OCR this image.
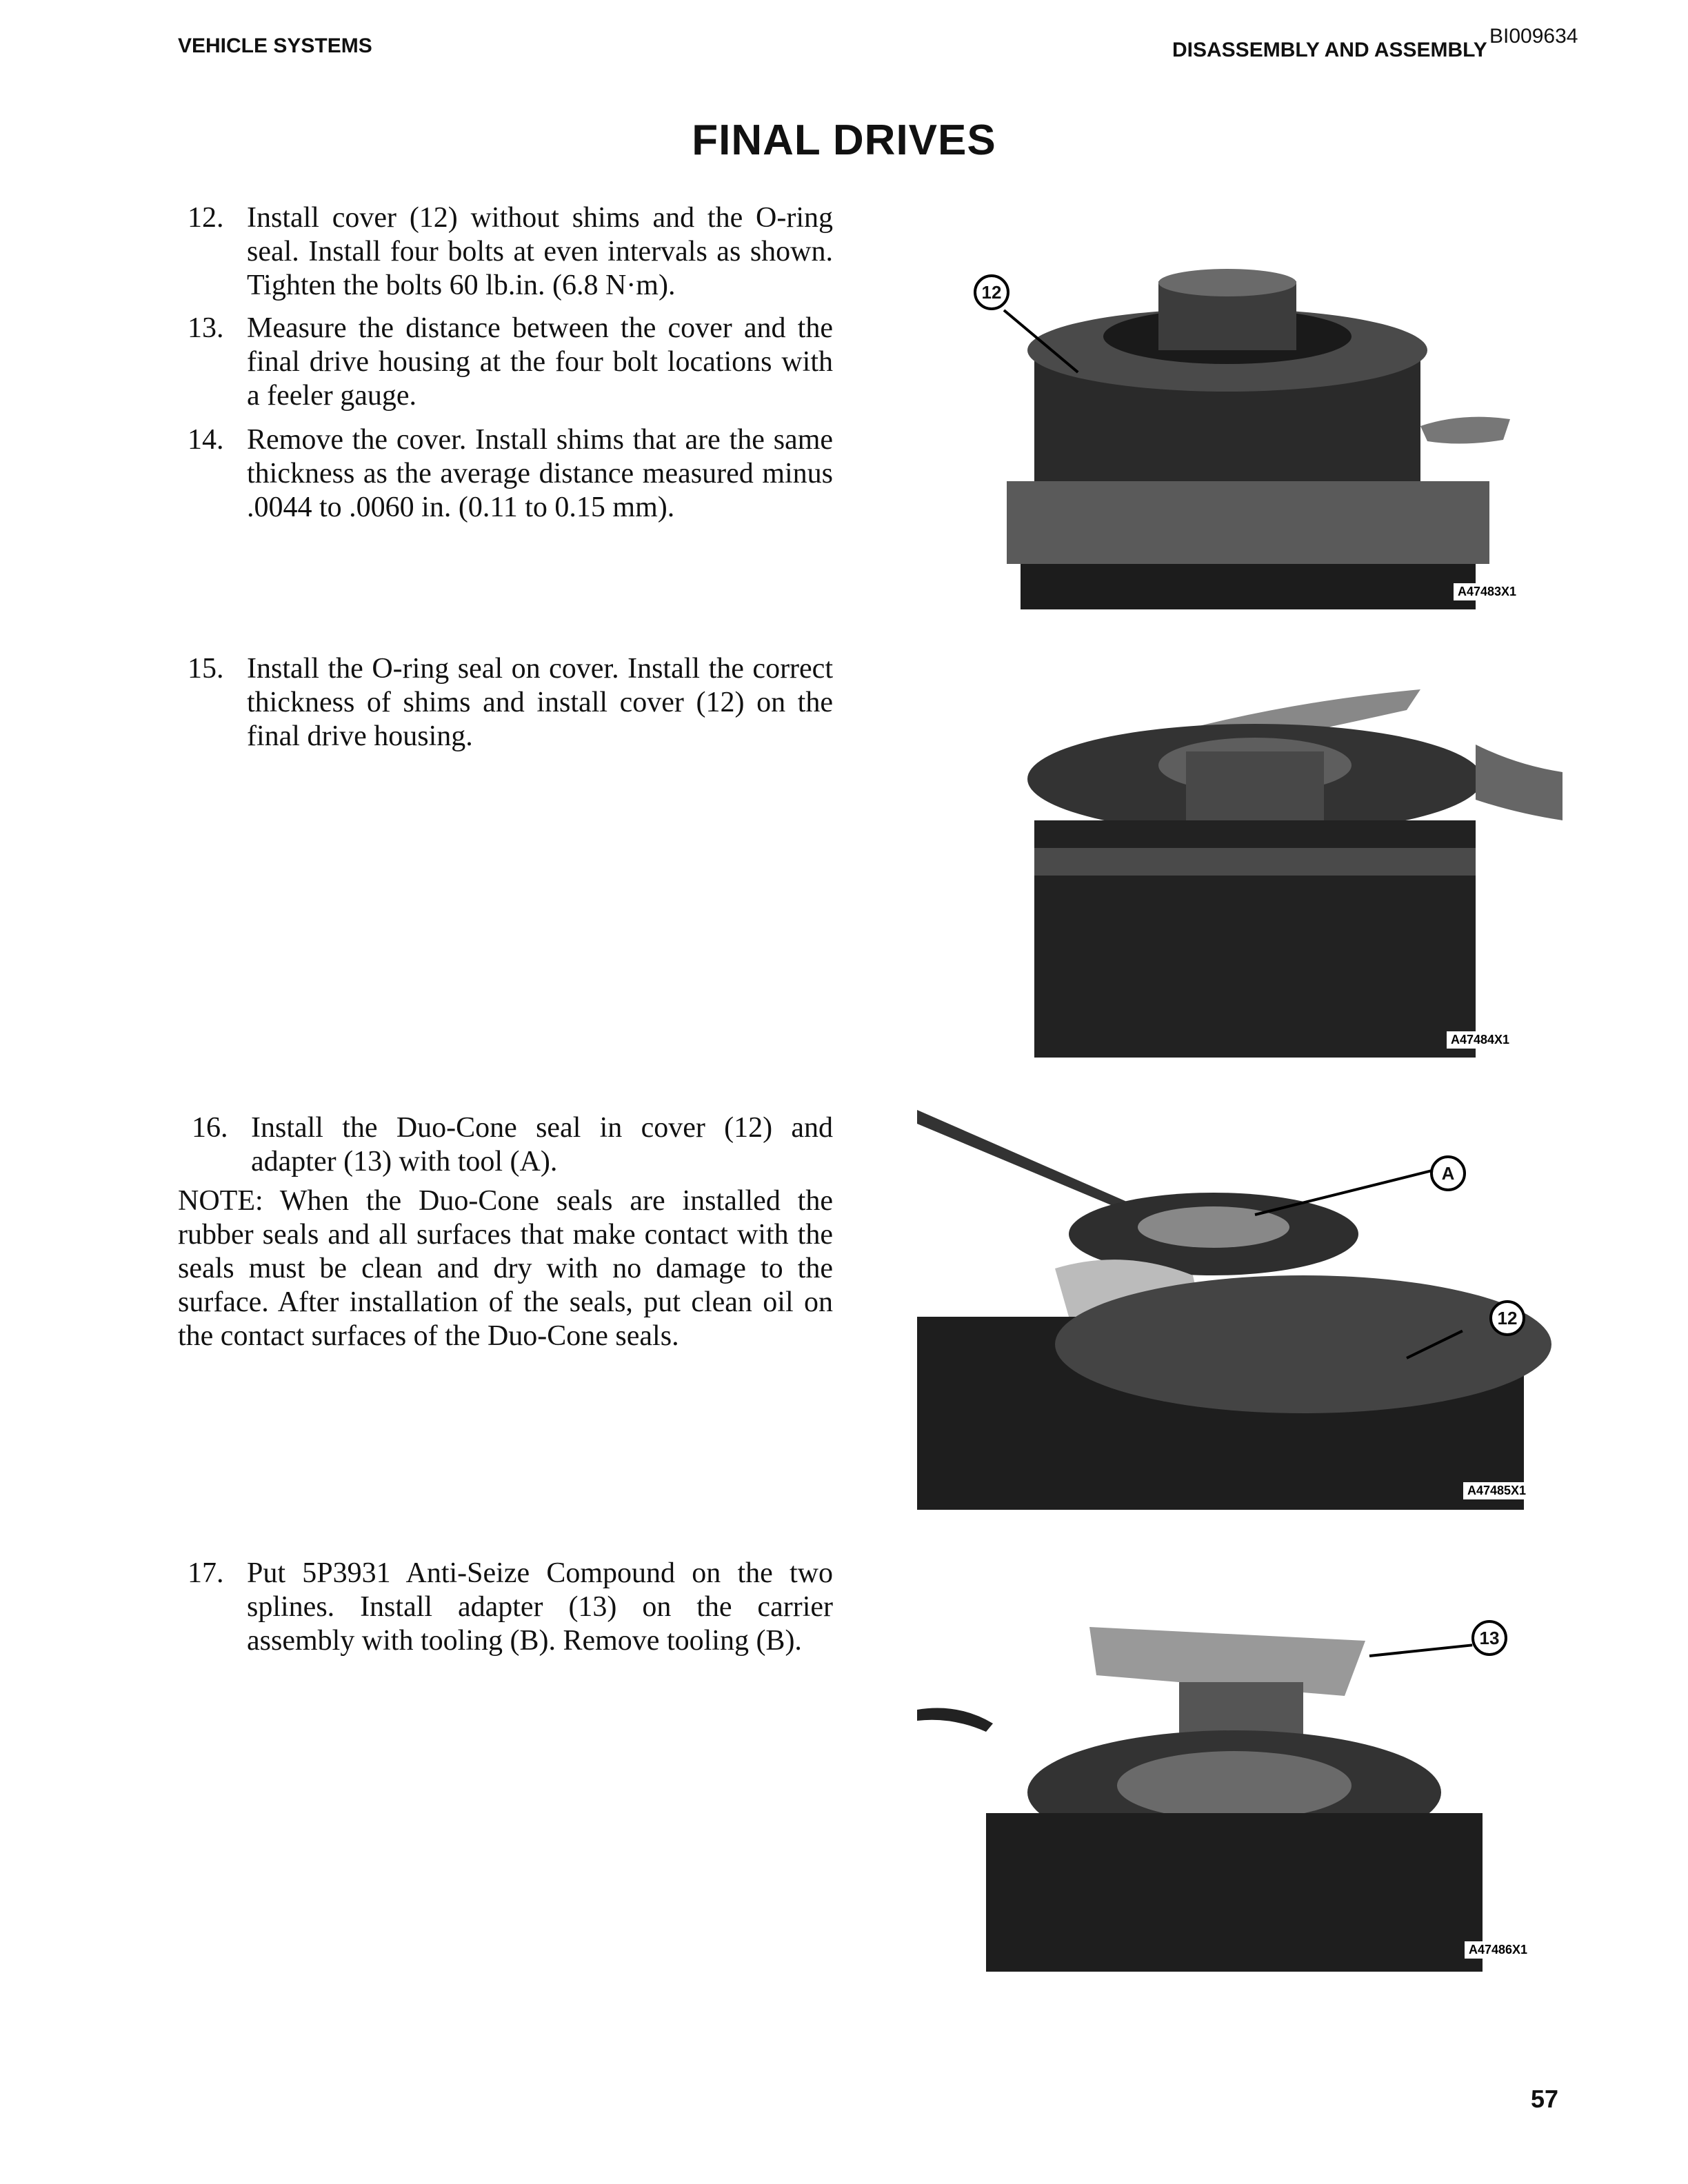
VEHICLE SYSTEMS	DISASSEMBLY AND ASSEMBLY
BI009634
FINAL DRIVES
12. Install cover (12) without shims and the O-ring seal. Install four bolts at even intervals as shown. Tighten the bolts 60 lb.in. (6.8 N·m).
13. Measure the distance between the cover and the final drive housing at the four bolt locations with a feeler gauge.
14. Remove the cover. Install shims that are the same thickness as the average distance measured minus .0044 to .0060 in. (0.11 to 0.15 mm).
15. Install the O-ring seal on cover. Install the correct thickness of shims and install cover (12) on the final drive housing.
16. Install the Duo-Cone seal in cover (12) and adapter (13) with tool (A).
NOTE: When the Duo-Cone seals are installed the rubber seals and all surfaces that make contact with the seals must be clean and dry with no damage to the surface. After installation of the seals, put clean oil on the contact surfaces of the Duo-Cone seals.
17. Put 5P3931 Anti-Seize Compound on the two splines. Install adapter (13) on the carrier assembly with tooling (B). Remove tooling (B).
12
A47483X1
A47484X1
A
12
A47485X1
13
A47486X1
57
